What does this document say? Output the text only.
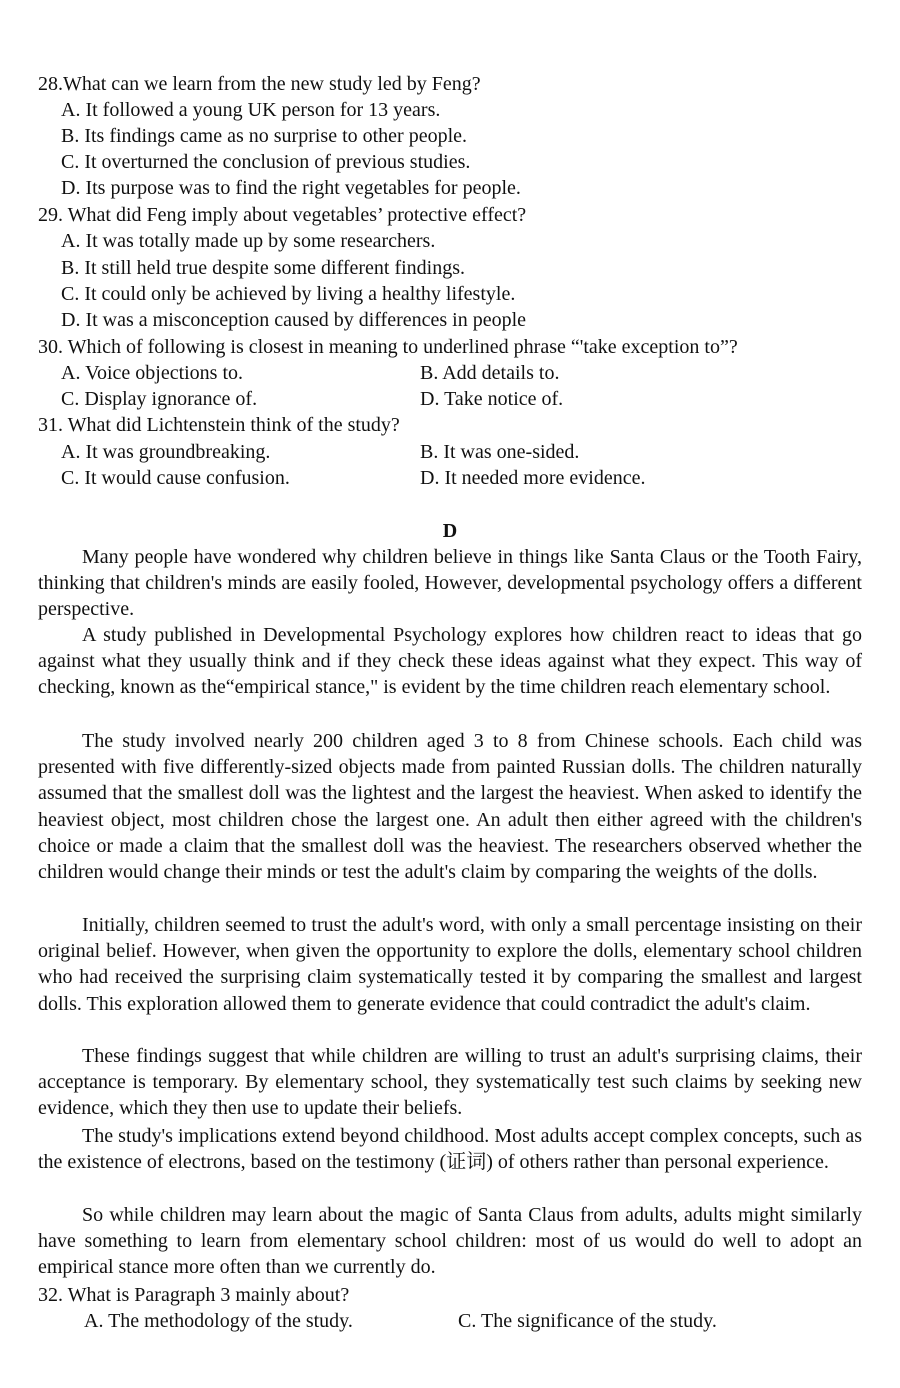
28.What can we learn from the new study led by Feng?
A. It followed a young UK person for 13 years.
B. Its findings came as no surprise to other people.
C. It overturned the conclusion of previous studies.
D. Its purpose was to find the right vegetables for people.
29. What did Feng imply about vegetables’ protective effect?
A. It was totally made up by some researchers.
B. It still held true despite some different findings.
C. It could only be achieved by living a healthy lifestyle.
D. It was a misconception caused by differences in people
30. Which of following is closest in meaning to underlined phrase “'take exception to”?
A. Voice objections to.	B. Add details to.
C. Display ignorance of.	D. Take notice of.
31. What did Lichtenstein think of the study?
A. It was groundbreaking.	B. It was one-sided.
C. It would cause confusion.	D. It needed more evidence.
D
Many people have wondered why children believe in things like Santa Claus or the Tooth Fairy, thinking that children's minds are easily fooled, However, developmental psychology offers a different perspective.
A study published in Developmental Psychology explores how children react to ideas that go against what they usually think and if they check these ideas against what they expect. This way of checking, known as the“empirical stance," is evident by the time children reach elementary school.
The study involved nearly 200 children aged 3 to 8 from Chinese schools. Each child was presented with five differently-sized objects made from painted Russian dolls. The children naturally assumed that the smallest doll was the lightest and the largest the heaviest. When asked to identify the heaviest object, most children chose the largest one. An adult then either agreed with the children's choice or made a claim that the smallest doll was the heaviest. The researchers observed whether the children would change their minds or test the adult's claim by comparing the weights of the dolls.
Initially, children seemed to trust the adult's word, with only a small percentage insisting on their original belief. However, when given the opportunity to explore the dolls, elementary school children who had received the surprising claim systematically tested it by comparing the smallest and largest dolls. This exploration allowed them to generate evidence that could contradict the adult's claim.
These findings suggest that while children are willing to trust an adult's surprising claims, their acceptance is temporary. By elementary school, they systematically test such claims by seeking new evidence, which they then use to update their beliefs.
The study's implications extend beyond childhood. Most adults accept complex concepts, such as the existence of electrons, based on the testimony (证词) of others rather than personal experience.
So while children may learn about the magic of Santa Claus from adults, adults might similarly have something to learn from elementary school children: most of us would do well to adopt an empirical stance more often than we currently do.
32. What is Paragraph 3 mainly about?
A. The methodology of the study.	C. The significance of the study.
